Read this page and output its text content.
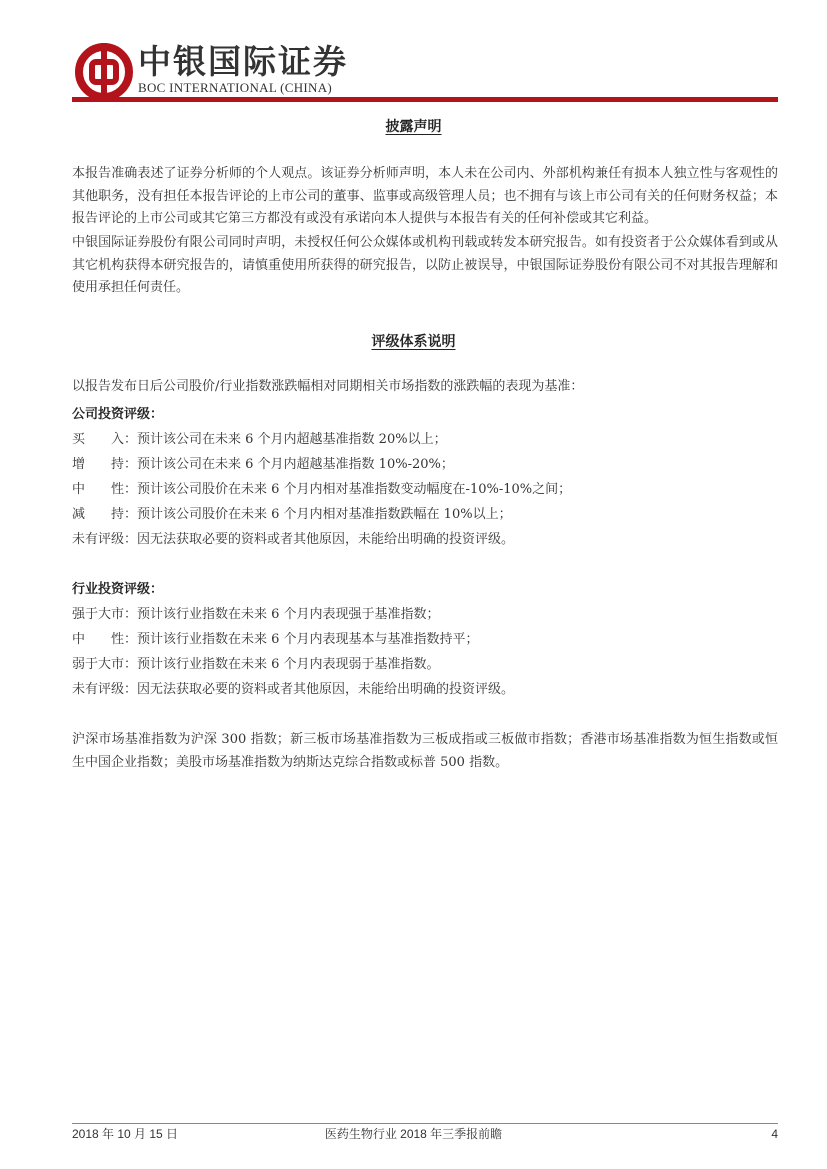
中银国际证券
BOC INTERNATIONAL (CHINA)
披露声明

本报告准确表述了证券分析师的个人观点。该证券分析师声明，本人未在公司内、外部机构兼任有损本人独立性与客观性的其他职务，没有担任本报告评论的上市公司的董事、监事或高级管理人员；也不拥有与该上市公司有关的任何财务权益；本报告评论的上市公司或其它第三方都没有或没有承诺向本人提供与本报告有关的任何补偿或其它利益。

中银国际证券股份有限公司同时声明，未授权任何公众媒体或机构刊载或转发本研究报告。如有投资者于公众媒体看到或从其它机构获得本研究报告的，请慎重使用所获得的研究报告，以防止被误导，中银国际证券股份有限公司不对其报告理解和使用承担任何责任。

评级体系说明

以报告发布日后公司股价/行业指数涨跌幅相对同期相关市场指数的涨跌幅的表现为基准：

公司投资评级：

买　　入：预计该公司在未来 6 个月内超越基准指数 20%以上；

增　　持：预计该公司在未来 6 个月内超越基准指数 10%-20%；

中　　性：预计该公司股价在未来 6 个月内相对基准指数变动幅度在-10%-10%之间；

减　　持：预计该公司股价在未来 6 个月内相对基准指数跌幅在 10%以上；

未有评级：因无法获取必要的资料或者其他原因，未能给出明确的投资评级。

行业投资评级：

强于大市：预计该行业指数在未来 6 个月内表现强于基准指数；

中　　性：预计该行业指数在未来 6 个月内表现基本与基准指数持平；

弱于大市：预计该行业指数在未来 6 个月内表现弱于基准指数。

未有评级：因无法获取必要的资料或者其他原因，未能给出明确的投资评级。

沪深市场基准指数为沪深 300 指数；新三板市场基准指数为三板成指或三板做市指数；香港市场基准指数为恒生指数或恒生中国企业指数；美股市场基准指数为纳斯达克综合指数或标普 500 指数。

2018 年 10 月 15 日	医药生物行业 2018 年三季报前瞻	4
